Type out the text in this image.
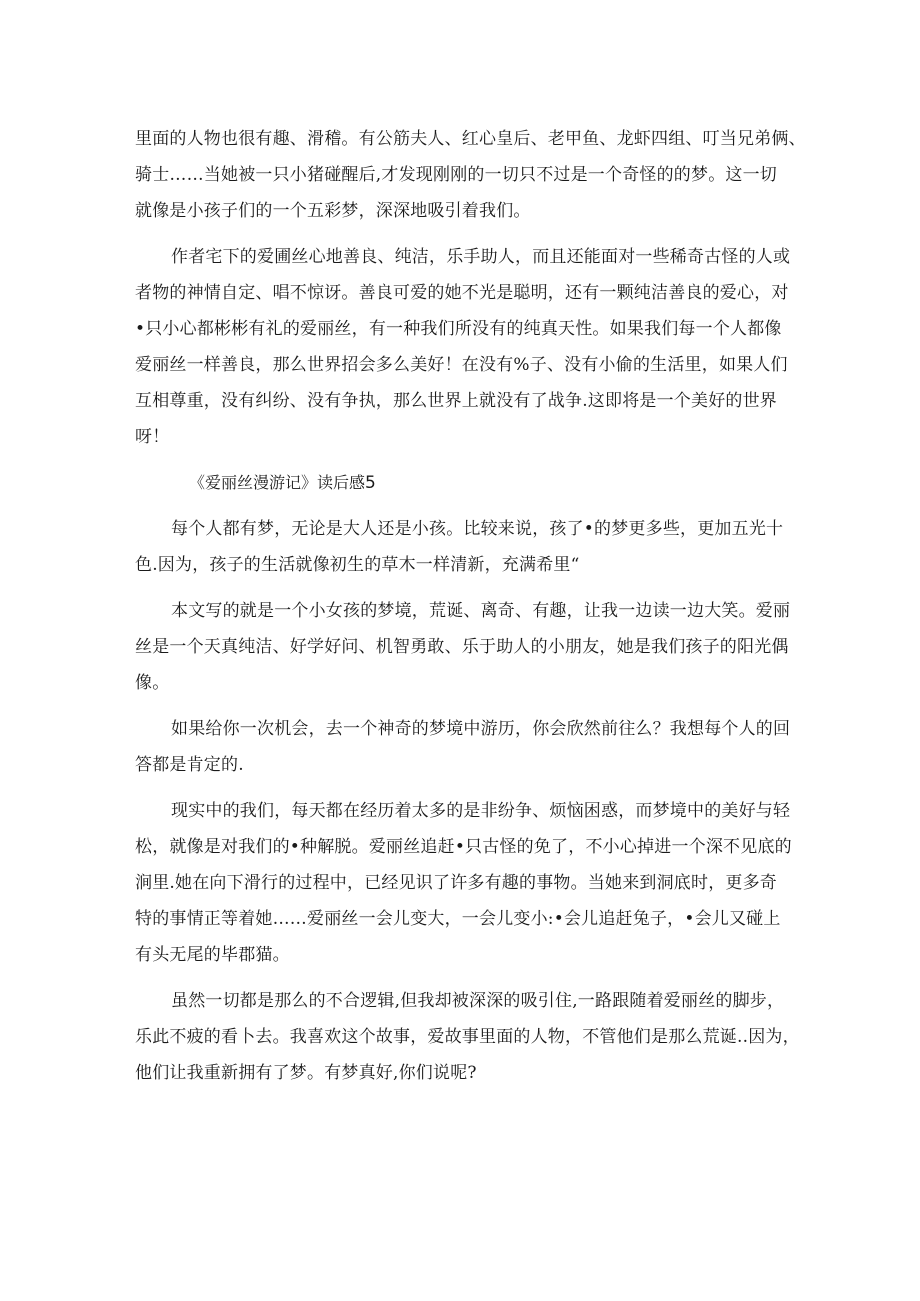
里面的人物也很有趣、滑稽。有公筋夫人、红心皇后、老甲鱼、龙虾四组、叮当兄弟俩、
骑士……当她被一只小猪碰醒后,才发现刚刚的一切只不过是一个奇怪的的梦。这一切
就像是小孩子们的一个五彩梦，深深地吸引着我们。

作者宅下的爱圃丝心地善良、纯洁，乐手助人，而且还能面对一些稀奇古怪的人或
者物的神情自定、唱不惊讶。善良可爱的她不光是聪明，还有一颗纯洁善良的爱心，对
•只小心都彬彬有礼的爱丽丝，有一种我们所没有的纯真天性。如果我们每一个人都像
爱丽丝一样善良，那么世界招会多么美好！在没有%子、没有小偷的生活里，如果人们
互相尊重，没有纠纷、没有争执，那么世界上就没有了战争.这即将是一个美好的世界
呀！

《爱丽丝漫游记》读后感5

每个人都有梦，无论是大人还是小孩。比较来说，孩了•的梦更多些，更加五光十
色.因为，孩子的生活就像初生的草木一样清新，充满希里“

本文写的就是一个小女孩的梦境，荒诞、离奇、有趣，让我一边读一边大笑。爱丽
丝是一个天真纯洁、好学好问、机智勇敢、乐于助人的小朋友，她是我们孩子的阳光偶
像。

如果给你一次机会，去一个神奇的梦境中游历，你会欣然前往么？我想每个人的回
答都是肯定的.

现实中的我们，每天都在经历着太多的是非纷争、烦恼困惑，而梦境中的美好与轻
松，就像是对我们的•种解脱。爱丽丝追赶•只古怪的免了，不小心掉进一个深不见底的
涧里.她在向下滑行的过程中，已经见识了许多有趣的事物。当她来到洞底时，更多奇
特的事情正等着她……爱丽丝一会儿变大，一会儿变小:•会儿追赶兔子，•会儿又碰上
有头无尾的毕郡猫。

虽然一切都是那么的不合逻辑,但我却被深深的吸引住,一路跟随着爱丽丝的脚步，
乐此不疲的看卜去。我喜欢这个故事，爱故事里面的人物，不管他们是那么荒诞..因为，
他们让我重新拥有了梦。有梦真好,你们说呢?
